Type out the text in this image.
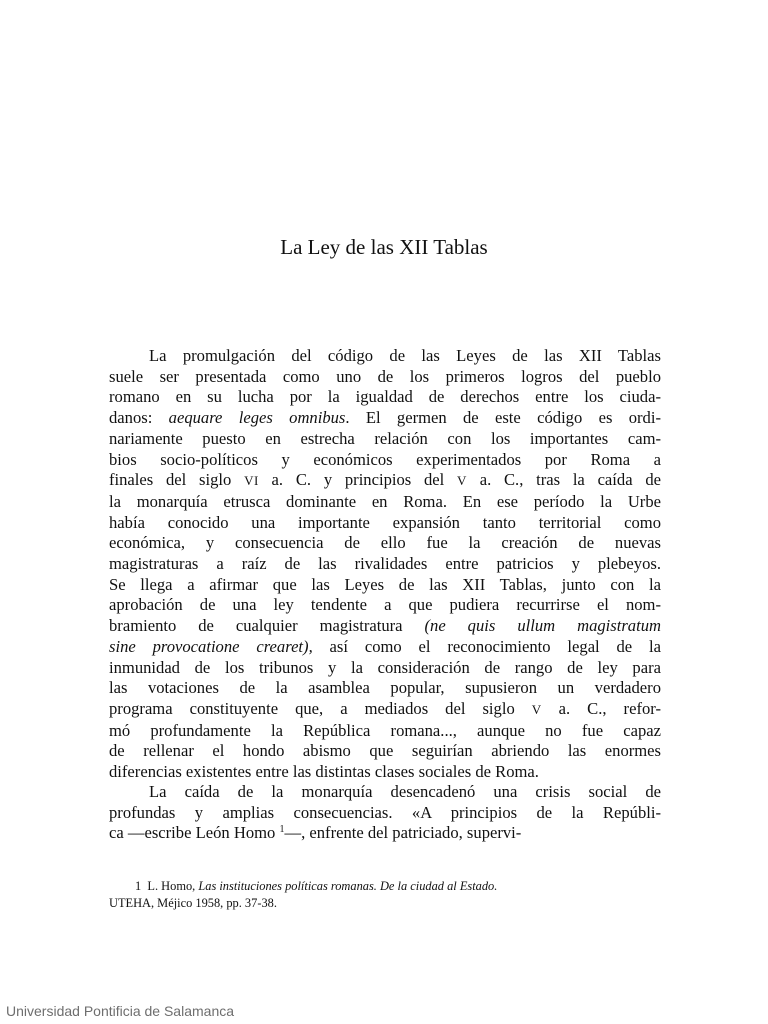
La Ley de las XII Tablas
La promulgación del código de las Leyes de las XII Tablas
suele ser presentada como uno de los primeros logros del pueblo
romano en su lucha por la igualdad de derechos entre los ciuda-
danos: aequare leges omnibus. El germen de este código es ordi-
nariamente puesto en estrecha relación con los importantes cam-
bios socio-políticos y económicos experimentados por Roma a
finales del siglo VI a. C. y principios del V a. C., tras la caída de
la monarquía etrusca dominante en Roma. En ese período la Urbe
había conocido una importante expansión tanto territorial como
económica, y consecuencia de ello fue la creación de nuevas
magistraturas a raíz de las rivalidades entre patricios y plebeyos.
Se llega a afirmar que las Leyes de las XII Tablas, junto con la
aprobación de una ley tendente a que pudiera recurrirse el nom-
bramiento de cualquier magistratura (ne quis ullum magistratum
sine provocatione crearet), así como el reconocimiento legal de la
inmunidad de los tribunos y la consideración de rango de ley para
las votaciones de la asamblea popular, supusieron un verdadero
programa constituyente que, a mediados del siglo V a. C., refor-
mó profundamente la República romana..., aunque no fue capaz
de rellenar el hondo abismo que seguirían abriendo las enormes
diferencias existentes entre las distintas clases sociales de Roma.
La caída de la monarquía desencadenó una crisis social de
profundas y amplias consecuencias. «A principios de la Repúbli-
ca —escribe León Homo $^1$—, enfrente del patriciado, supervi-
1 L. Homo, Las instituciones políticas romanas. De la ciudad al Estado.
UTEHA, Méjico 1958, pp. 37-38.
Universidad Pontificia de Salamanca
